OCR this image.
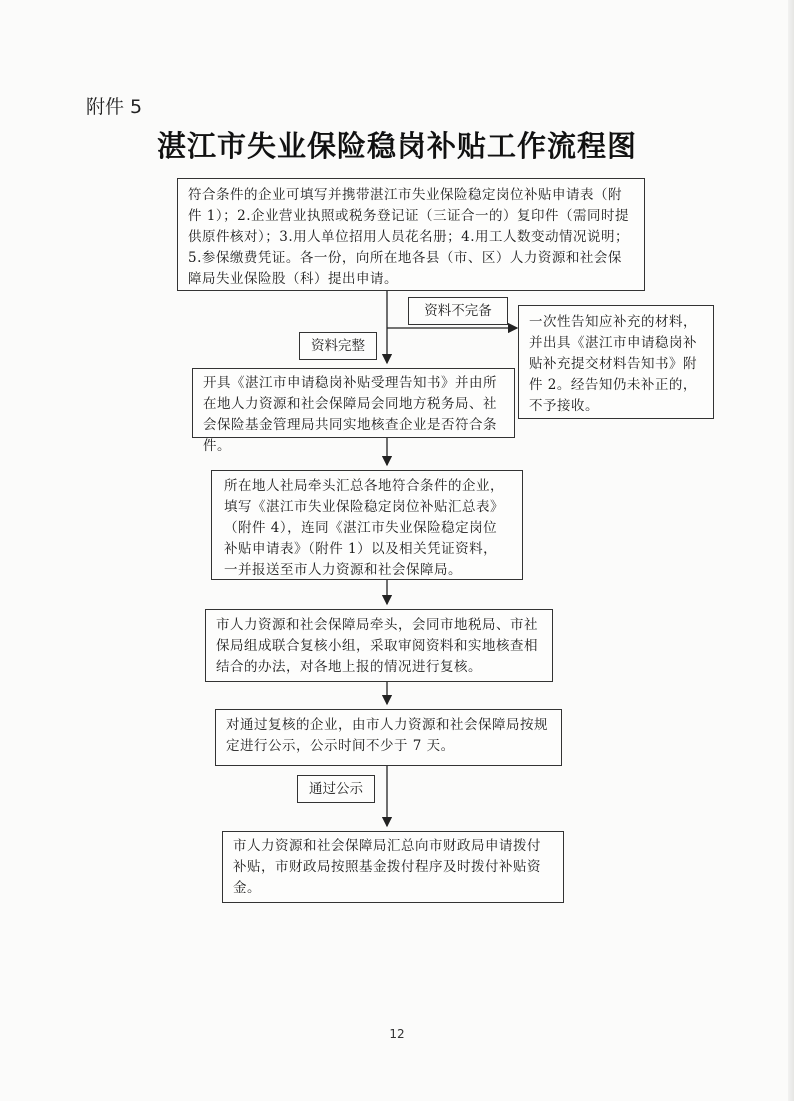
附件 5
湛江市失业保险稳岗补贴工作流程图
符合条件的企业可填写并携带湛江市失业保险稳定岗位补贴申请表（附件 1）；2.企业营业执照或税务登记证（三证合一的）复印件（需同时提供原件核对）；3.用人单位招用人员花名册；4.用工人数变动情况说明；5.参保缴费凭证。各一份，向所在地各县（市、区）人力资源和社会保障局失业保险股（科）提出申请。
资料不完备
一次性告知应补充的材料，并出具《湛江市申请稳岗补贴补充提交材料告知书》附件 2。经告知仍未补正的，不予接收。
资料完整
开具《湛江市申请稳岗补贴受理告知书》并由所在地人力资源和社会保障局会同地方税务局、社会保险基金管理局共同实地核查企业是否符合条件。
所在地人社局牵头汇总各地符合条件的企业，填写《湛江市失业保险稳定岗位补贴汇总表》（附件 4），连同《湛江市失业保险稳定岗位补贴申请表》（附件 1）以及相关凭证资料，一并报送至市人力资源和社会保障局。
市人力资源和社会保障局牵头，会同市地税局、市社保局组成联合复核小组，采取审阅资料和实地核查相结合的办法，对各地上报的情况进行复核。
对通过复核的企业，由市人力资源和社会保障局按规定进行公示，公示时间不少于 7 天。
通过公示
市人力资源和社会保障局汇总向市财政局申请拨付补贴，市财政局按照基金拨付程序及时拨付补贴资金。
12
